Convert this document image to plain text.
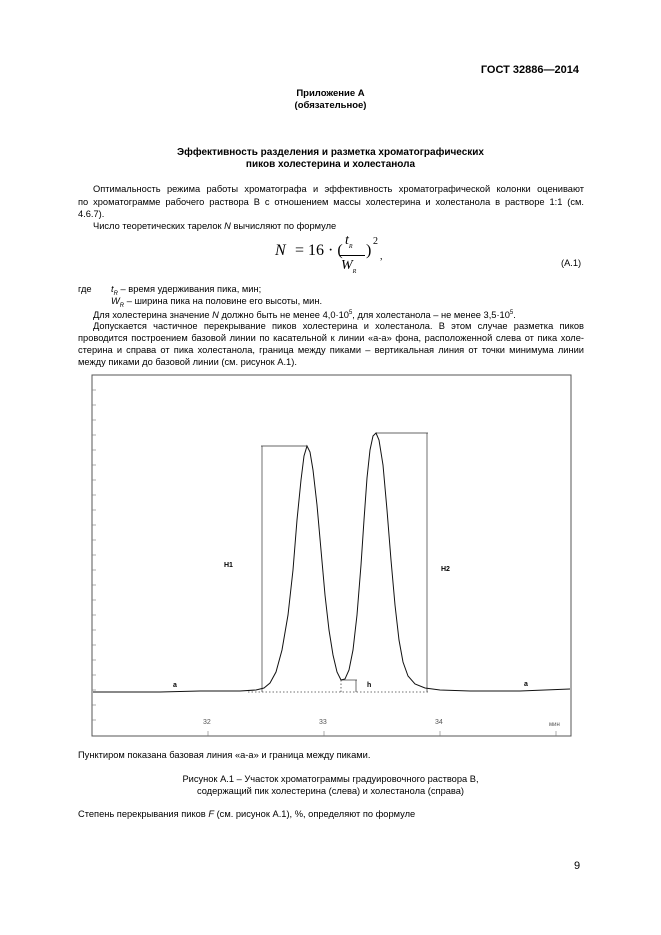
ГОСТ 32886—2014
Приложение А
(обязательное)
Эффективность разделения и разметка хроматографических
пиков холестерина и холестанола
Оптимальность режима работы хроматографа и эффективность хроматографической колонки оценивают
по хроматограмме рабочего раствора В с отношением массы холестерина и холестанола в растворе 1:1 (см.
4.6.7).
Число теоретических тарелок N вычисляют по формуле
N = 16 · (
$t_R$
$W_R$
)
2
,
(А.1)
где $t_R$ – время удерживания пика, мин;
$W_R$ – ширина пика на половине его высоты, мин.
Для холестерина значение N должно быть не менее $4,0\cdot 10^5$, для холестанола – не менее $3,5\cdot 10^5$.
Допускается частичное перекрывание пиков холестерина и холестанола. В этом случае разметка пиков
проводится построением базовой линии по касательной к линии «а-а» фона, расположенной слева от пика холе-
стерина и справа от пика холестанола, граница между пиками – вертикальная линия от точки минимума линии
между пиками до базовой линии (см. рисунок А.1).
H1
H2
h
a	a
32	33	34	мин
Пунктиром показана базовая линия «а-а» и граница между пиками.
Рисунок А.1 – Участок хроматограммы градуировочного раствора В,
содержащий пик холестерина (слева) и холестанола (справа)
Степень перекрывания пиков F (см. рисунок А.1), %, определяют по формуле
9
